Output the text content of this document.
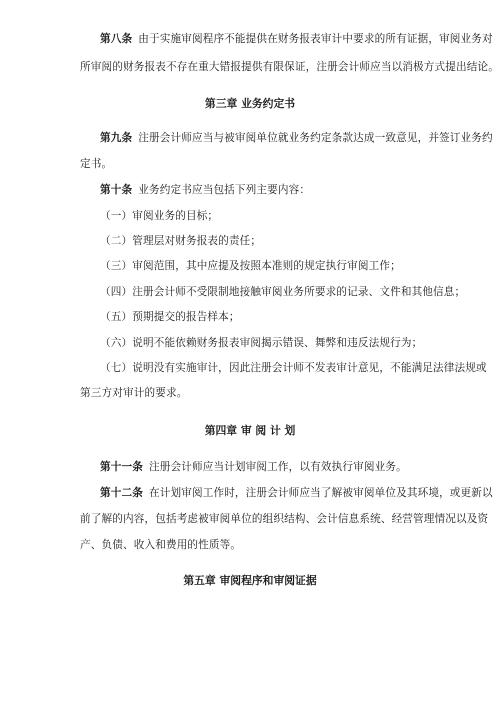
第八条 由于实施审阅程序不能提供在财务报表审计中要求的所有证据，审阅业务对
所审阅的财务报表不存在重大错报提供有限保证，注册会计师应当以消极方式提出结论。
第三章 业务约定书
第九条 注册会计师应当与被审阅单位就业务约定条款达成一致意见，并签订业务约
定书。
第十条 业务约定书应当包括下列主要内容：
（一）审阅业务的目标；
（二）管理层对财务报表的责任；
（三）审阅范围，其中应提及按照本准则的规定执行审阅工作；
（四）注册会计师不受限制地接触审阅业务所要求的记录、文件和其他信息；
（五）预期提交的报告样本；
（六）说明不能依赖财务报表审阅揭示错误、舞弊和违反法规行为；
（七）说明没有实施审计，因此注册会计师不发表审计意见，不能满足法律法规或
第三方对审计的要求。
第四章 审 阅 计 划
第十一条 注册会计师应当计划审阅工作，以有效执行审阅业务。
第十二条 在计划审阅工作时，注册会计师应当了解被审阅单位及其环境，或更新以
前了解的内容，包括考虑被审阅单位的组织结构、会计信息系统、经营管理情况以及资
产、负债、收入和费用的性质等。
第五章 审阅程序和审阅证据
